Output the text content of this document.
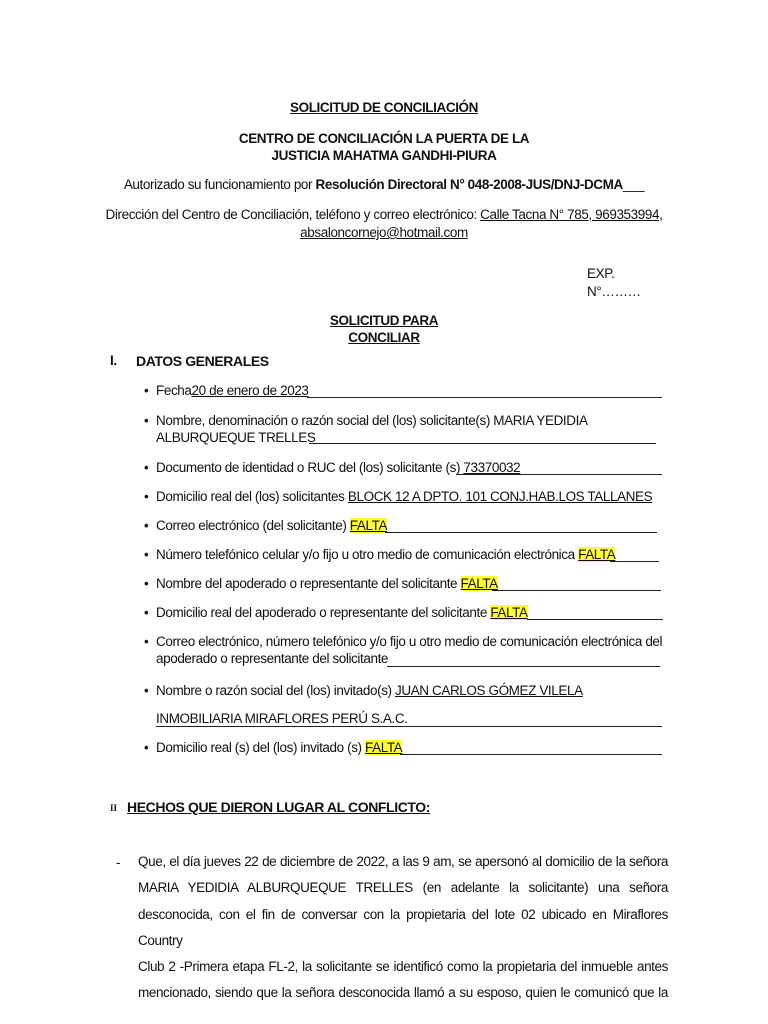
SOLICITUD DE CONCILIACIÓN
CENTRO DE CONCILIACIÓN LA PUERTA DE LA
JUSTICIA MAHATMA GANDHI-PIURA
Autorizado su funcionamiento por Resolución Directoral N° 048-2008-JUS/DNJ-DCMA___
Dirección del Centro de Conciliación, teléfono y correo electrónico: Calle Tacna N° 785, 969353994,
absaloncornejo@hotmail.com
EXP.
N°………
SOLICITUD PARA
CONCILIAR
I. DATOS GENERALES
• Fecha20 de enero de 2023
• Nombre, denominación o razón social del (los) solicitante(s) MARIA YEDIDIA
ALBURQUEQUE TRELLES
• Documento de identidad o RUC del (los) solicitante (s) 73370032
• Domicilio real del (los) solicitantes BLOCK 12 A DPTO. 101 CONJ.HAB.LOS TALLANES
• Correo electrónico (del solicitante) FALTA
• Número telefónico celular y/o fijo u otro medio de comunicación electrónica FALTA
• Nombre del apoderado o representante del solicitante FALTA
• Domicilio real del apoderado o representante del solicitante FALTA
• Correo electrónico, número telefónico y/o fijo u otro medio de comunicación electrónica del
apoderado o representante del solicitante
• Nombre o razón social del (los) invitado(s) JUAN CARLOS GÓMEZ VILELA
INMOBILIARIA MIRAFLORES PERÚ S.A.C.
• Domicilio real (s) del (los) invitado (s) FALTA
II HECHOS QUE DIERON LUGAR AL CONFLICTO:
- Que, el día jueves 22 de diciembre de 2022, a las 9 am, se apersonó al domicilio de la señora
MARIA YEDIDIA ALBURQUEQUE TRELLES (en adelante la solicitante) una señora
desconocida, con el fin de conversar con la propietaria del lote 02 ubicado en Miraflores Country
Club 2 -Primera etapa FL-2, la solicitante se identificó como la propietaria del inmueble antes
mencionado, siendo que la señora desconocida llamó a su esposo, quien le comunicó que la
